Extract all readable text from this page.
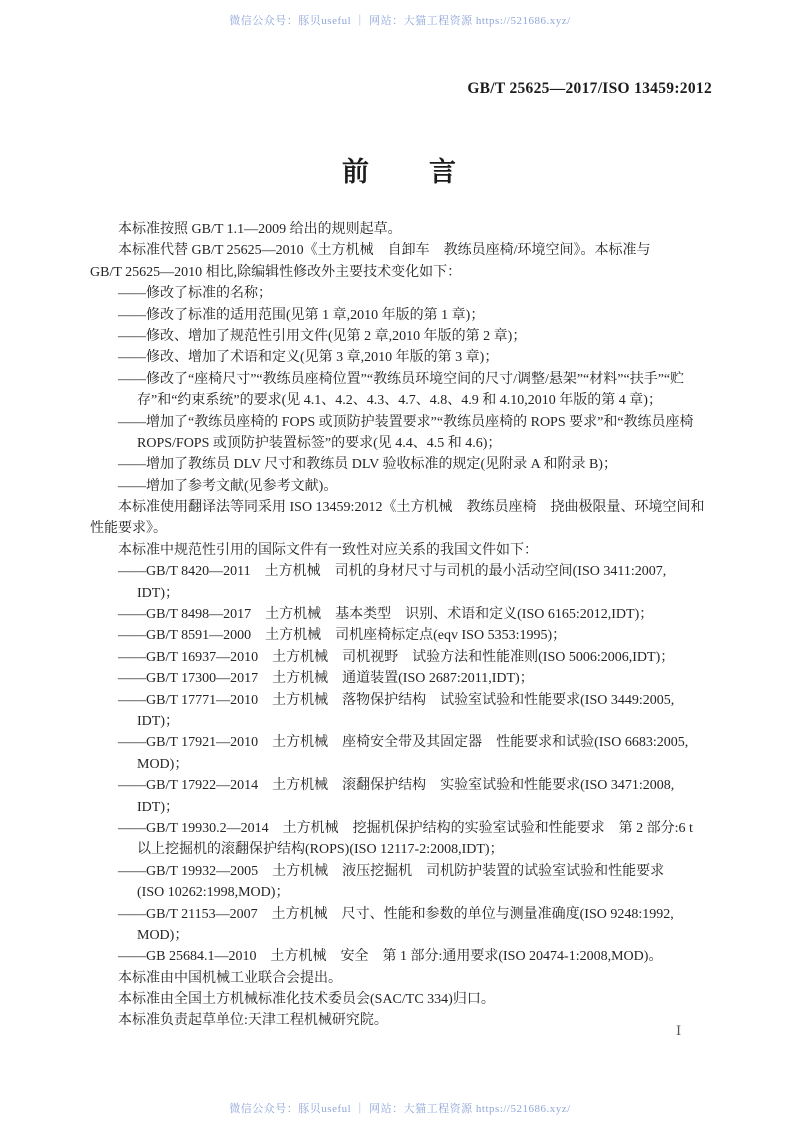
微信公众号：豚贝useful ｜ 网站：大猫工程资源 https://521686.xyz/
GB/T 25625—2017/ISO 13459:2012
前　　言
本标准按照 GB/T 1.1—2009 给出的规则起草。
本标准代替 GB/T 25625—2010《土方机械　自卸车　教练员座椅/环境空间》。本标准与
GB/T 25625—2010 相比,除编辑性修改外主要技术变化如下：
——修改了标准的名称；
——修改了标准的适用范围(见第 1 章,2010 年版的第 1 章)；
——修改、增加了规范性引用文件(见第 2 章,2010 年版的第 2 章)；
——修改、增加了术语和定义(见第 3 章,2010 年版的第 3 章)；
——修改了“座椅尺寸”“教练员座椅位置”“教练员环境空间的尺寸/调整/悬架”“材料”“扶手”“贮
存”和“约束系统”的要求(见 4.1、4.2、4.3、4.7、4.8、4.9 和 4.10,2010 年版的第 4 章)；
——增加了“教练员座椅的 FOPS 或顶防护装置要求”“教练员座椅的 ROPS 要求”和“教练员座椅
ROPS/FOPS 或顶防护装置标签”的要求(见 4.4、4.5 和 4.6)；
——增加了教练员 DLV 尺寸和教练员 DLV 验收标准的规定(见附录 A 和附录 B)；
——增加了参考文献(见参考文献)。
本标准使用翻译法等同采用 ISO 13459:2012《土方机械　教练员座椅　挠曲极限量、环境空间和
性能要求》。
本标准中规范性引用的国际文件有一致性对应关系的我国文件如下：
——GB/T 8420—2011　土方机械　司机的身材尺寸与司机的最小活动空间(ISO 3411:2007,
IDT)；
——GB/T 8498—2017　土方机械　基本类型　识别、术语和定义(ISO 6165:2012,IDT)；
——GB/T 8591—2000　土方机械　司机座椅标定点(eqv ISO 5353:1995)；
——GB/T 16937—2010　土方机械　司机视野　试验方法和性能准则(ISO 5006:2006,IDT)；
——GB/T 17300—2017　土方机械　通道装置(ISO 2687:2011,IDT)；
——GB/T 17771—2010　土方机械　落物保护结构　试验室试验和性能要求(ISO 3449:2005,
IDT)；
——GB/T 17921—2010　土方机械　座椅安全带及其固定器　性能要求和试验(ISO 6683:2005,
MOD)；
——GB/T 17922—2014　土方机械　滚翻保护结构　实验室试验和性能要求(ISO 3471:2008,
IDT)；
——GB/T 19930.2—2014　土方机械　挖掘机保护结构的实验室试验和性能要求　第 2 部分:6 t
以上挖掘机的滚翻保护结构(ROPS)(ISO 12117-2:2008,IDT)；
——GB/T 19932—2005　土方机械　液压挖掘机　司机防护装置的试验室试验和性能要求
(ISO 10262:1998,MOD)；
——GB/T 21153—2007　土方机械　尺寸、性能和参数的单位与测量准确度(ISO 9248:1992,
MOD)；
——GB 25684.1—2010　土方机械　安全　第 1 部分:通用要求(ISO 20474-1:2008,MOD)。
本标准由中国机械工业联合会提出。
本标准由全国土方机械标准化技术委员会(SAC/TC 334)归口。
本标准负责起草单位:天津工程机械研究院。
Ⅰ
微信公众号：豚贝useful ｜ 网站：大猫工程资源 https://521686.xyz/
